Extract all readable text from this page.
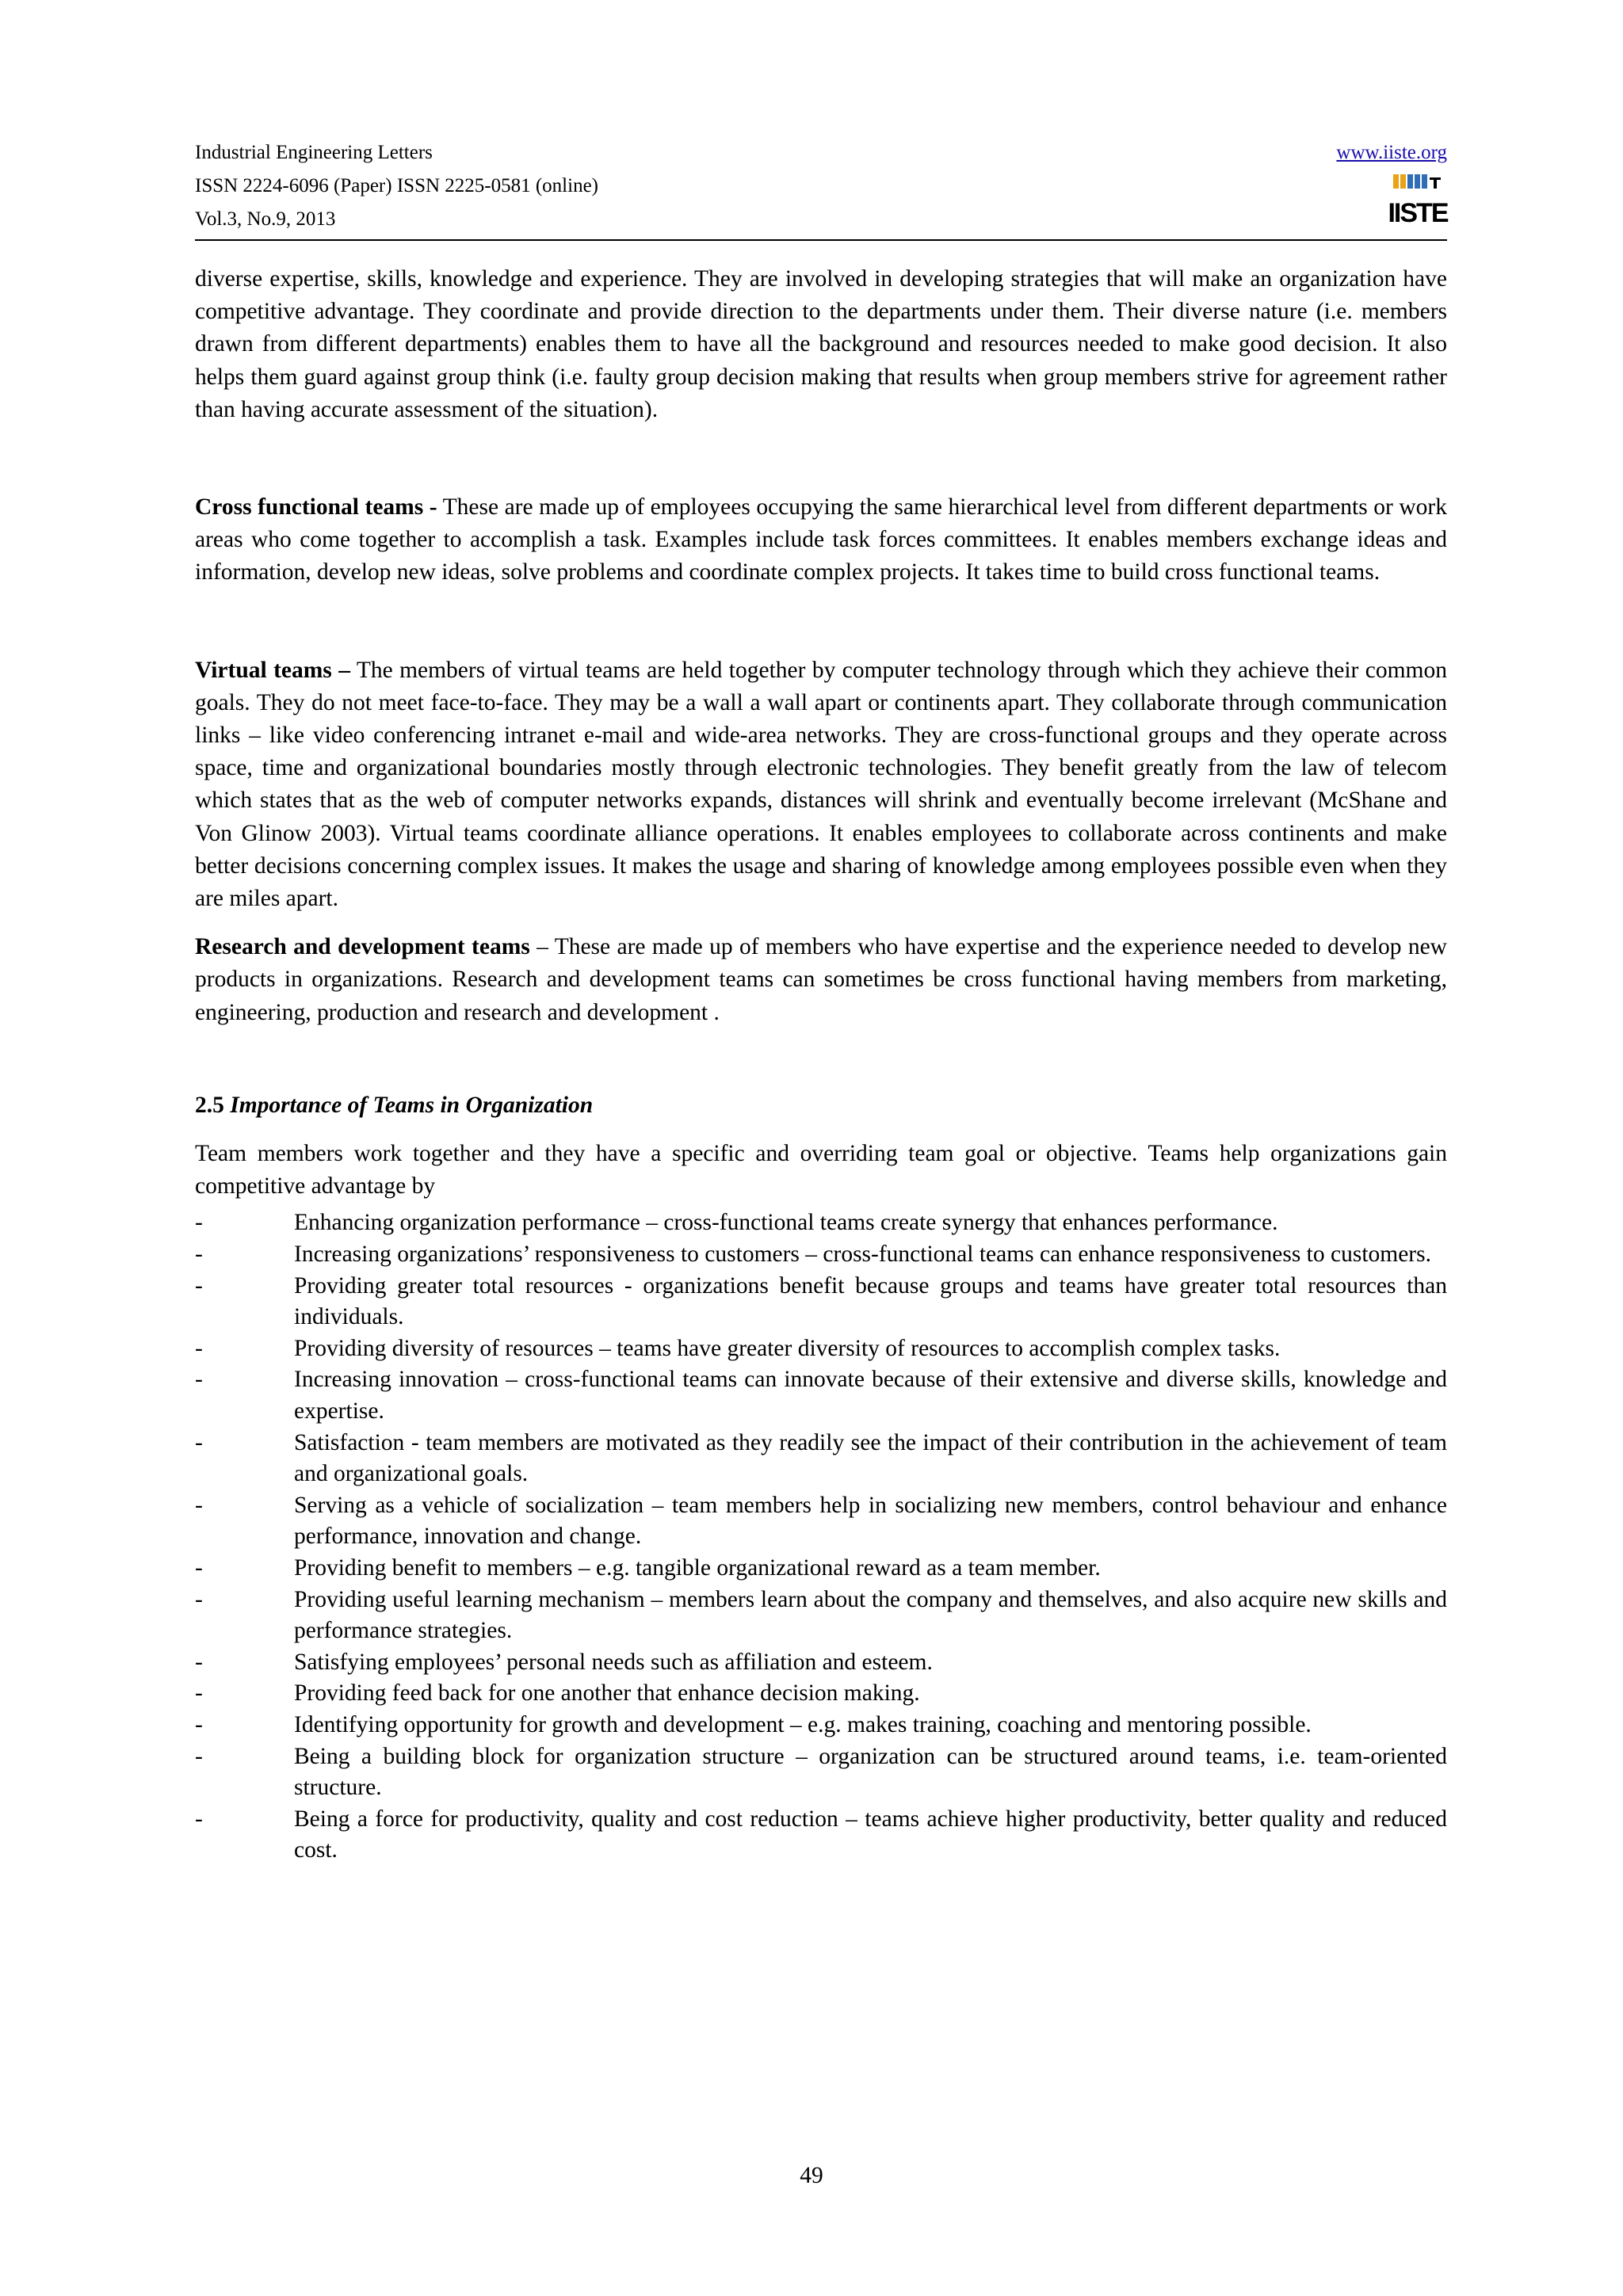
Industrial Engineering Letters
ISSN 2224-6096 (Paper) ISSN 2225-0581 (online)
Vol.3, No.9, 2013
www.iiste.org
IISTE

diverse expertise, skills, knowledge and experience. They are involved in developing strategies that will make an organization have competitive advantage. They coordinate and provide direction to the departments under them. Their diverse nature (i.e. members drawn from different departments) enables them to have all the background and resources needed to make good decision. It also helps them guard against group think (i.e. faulty group decision making that results when group members strive for agreement rather than having accurate assessment of the situation).

Cross functional teams - These are made up of employees occupying the same hierarchical level from different departments or work areas who come together to accomplish a task. Examples include task forces committees. It enables members exchange ideas and information, develop new ideas, solve problems and coordinate complex projects. It takes time to build cross functional teams.

Virtual teams – The members of virtual teams are held together by computer technology through which they achieve their common goals. They do not meet face-to-face. They may be a wall a wall apart or continents apart. They collaborate through communication links – like video conferencing intranet e-mail and wide-area networks. They are cross-functional groups and they operate across space, time and organizational boundaries mostly through electronic technologies. They benefit greatly from the law of telecom which states that as the web of computer networks expands, distances will shrink and eventually become irrelevant (McShane and Von Glinow 2003). Virtual teams coordinate alliance operations. It enables employees to collaborate across continents and make better decisions concerning complex issues. It makes the usage and sharing of knowledge among employees possible even when they are miles apart.

Research and development teams – These are made up of members who have expertise and the experience needed to develop new products in organizations. Research and development teams can sometimes be cross functional having members from marketing, engineering, production and research and development .

2.5 Importance of Teams in Organization

Team members work together and they have a specific and overriding team goal or objective. Teams help organizations gain competitive advantage by

-	Enhancing organization performance – cross-functional teams create synergy that enhances performance.
-	Increasing organizations’ responsiveness to customers – cross-functional teams can enhance responsiveness to customers.
-	Providing greater total resources - organizations benefit because groups and teams have greater total resources than individuals.
-	Providing diversity of resources – teams have greater diversity of resources to accomplish complex tasks.
-	Increasing innovation – cross-functional teams can innovate because of their extensive and diverse skills, knowledge and expertise.
-	Satisfaction - team members are motivated as they readily see the impact of their contribution in the achievement of team and organizational goals.
-	Serving as a vehicle of socialization – team members help in socializing new members, control behaviour and enhance performance, innovation and change.
-	Providing benefit to members – e.g. tangible organizational reward as a team member.
-	Providing useful learning mechanism – members learn about the company and themselves, and also acquire new skills and performance strategies.
-	Satisfying employees’ personal needs such as affiliation and esteem.
-	Providing feed back for one another that enhance decision making.
-	Identifying opportunity for growth and development – e.g. makes training, coaching and mentoring possible.
-	Being a building block for organization structure – organization can be structured around teams, i.e. team-oriented structure.
-	Being a force for productivity, quality and cost reduction – teams achieve higher productivity, better quality and reduced cost.
49
